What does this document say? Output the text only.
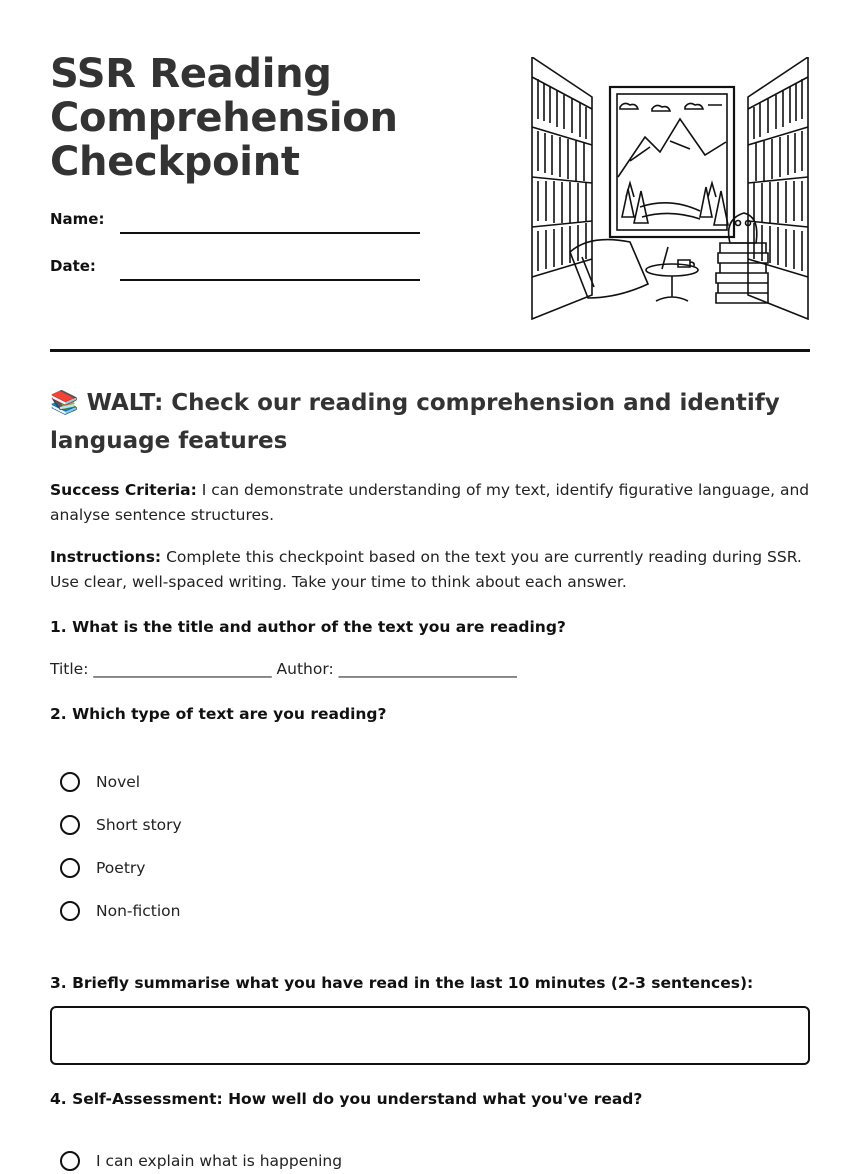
SSR Reading Comprehension Checkpoint
Name:
Date:
📚 WALT: Check our reading comprehension and identify language features

Success Criteria: I can demonstrate understanding of my text, identify figurative language, and analyse sentence structures.

Instructions: Complete this checkpoint based on the text you are currently reading during SSR. Use clear, well-spaced writing. Take your time to think about each answer.

1. What is the title and author of the text you are reading?

Title: _______________________ Author: _______________________

2. Which type of text are you reading?

Novel
Short story
Poetry
Non-fiction

3. Briefly summarise what you have read in the last 10 minutes (2-3 sentences):

4. Self-Assessment: How well do you understand what you've read?

I can explain what is happening
